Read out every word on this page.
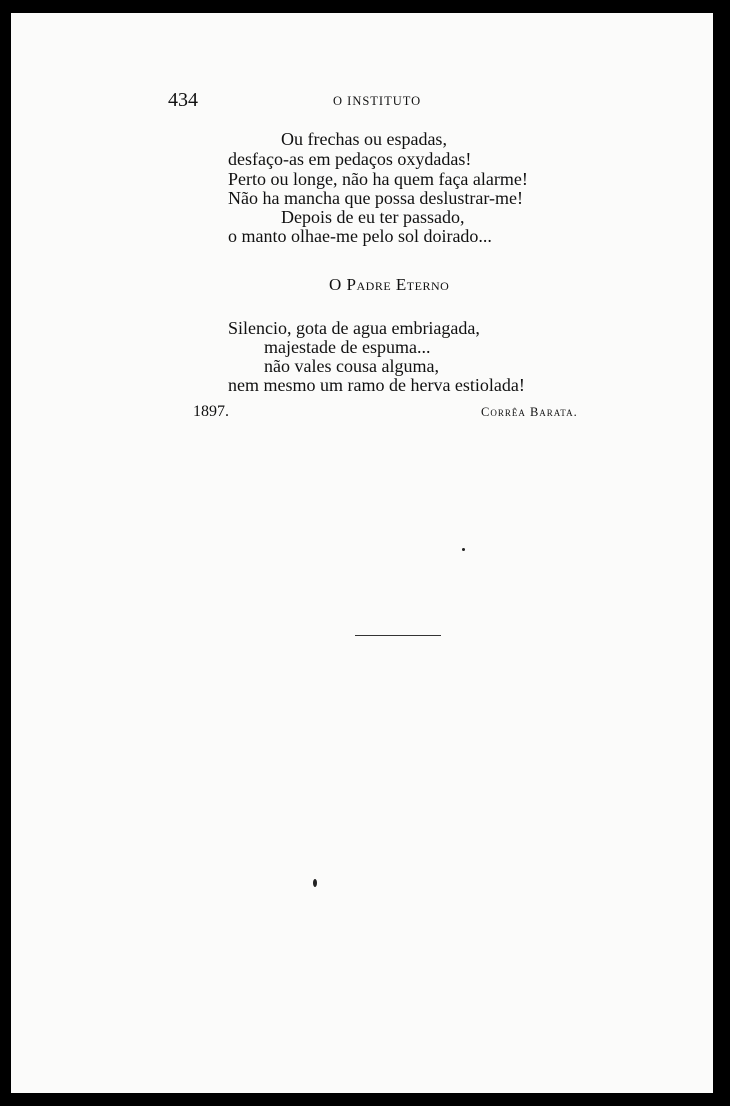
434	O INSTITUTO
Ou frechas ou espadas,
desfaço-as em pedaços oxydadas!
Perto ou longe, não ha quem faça alarme!
Não ha mancha que possa deslustrar-me!
Depois de eu ter passado,
o manto olhae-me pelo sol doirado...
O Padre Eterno
Silencio, gota de agua embriagada,
majestade de espuma...
não vales cousa alguma,
nem mesmo um ramo de herva estiolada!
1897.	Corrêa Barata.
